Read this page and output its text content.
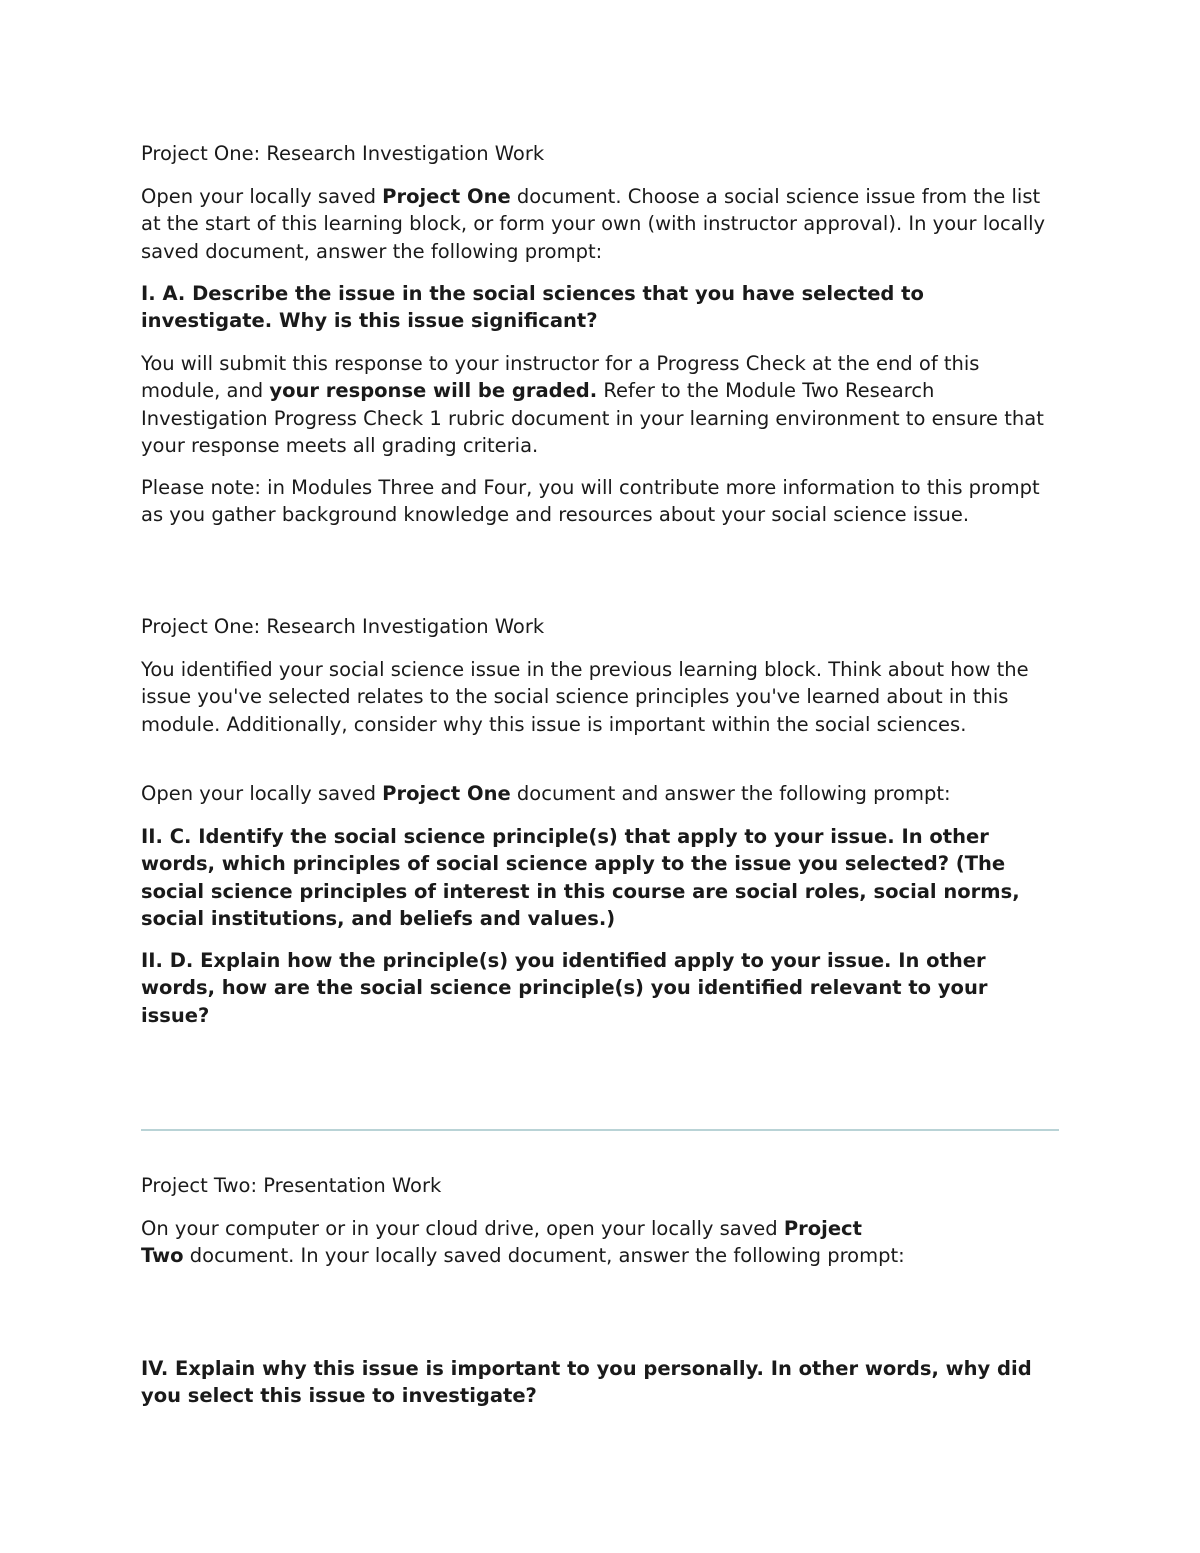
Project One: Research Investigation Work

Open your locally saved Project One document. Choose a social science issue from the list at the start of this learning block, or form your own (with instructor approval). In your locally saved document, answer the following prompt:

I. A. Describe the issue in the social sciences that you have selected to investigate. Why is this issue significant?

You will submit this response to your instructor for a Progress Check at the end of this module, and your response will be graded. Refer to the Module Two Research Investigation Progress Check 1 rubric document in your learning environment to ensure that your response meets all grading criteria.

Please note: in Modules Three and Four, you will contribute more information to this prompt as you gather background knowledge and resources about your social science issue.

Project One: Research Investigation Work

You identified your social science issue in the previous learning block. Think about how the issue you've selected relates to the social science principles you've learned about in this module. Additionally, consider why this issue is important within the social sciences.

Open your locally saved Project One document and answer the following prompt:

II. C. Identify the social science principle(s) that apply to your issue. In other words, which principles of social science apply to the issue you selected? (The social science principles of interest in this course are social roles, social norms, social institutions, and beliefs and values.)

II. D. Explain how the principle(s) you identified apply to your issue. In other words, how are the social science principle(s) you identified relevant to your issue?

Project Two: Presentation Work

On your computer or in your cloud drive, open your locally saved Project
Two document. In your locally saved document, answer the following prompt:

IV. Explain why this issue is important to you personally. In other words, why did you select this issue to investigate?
